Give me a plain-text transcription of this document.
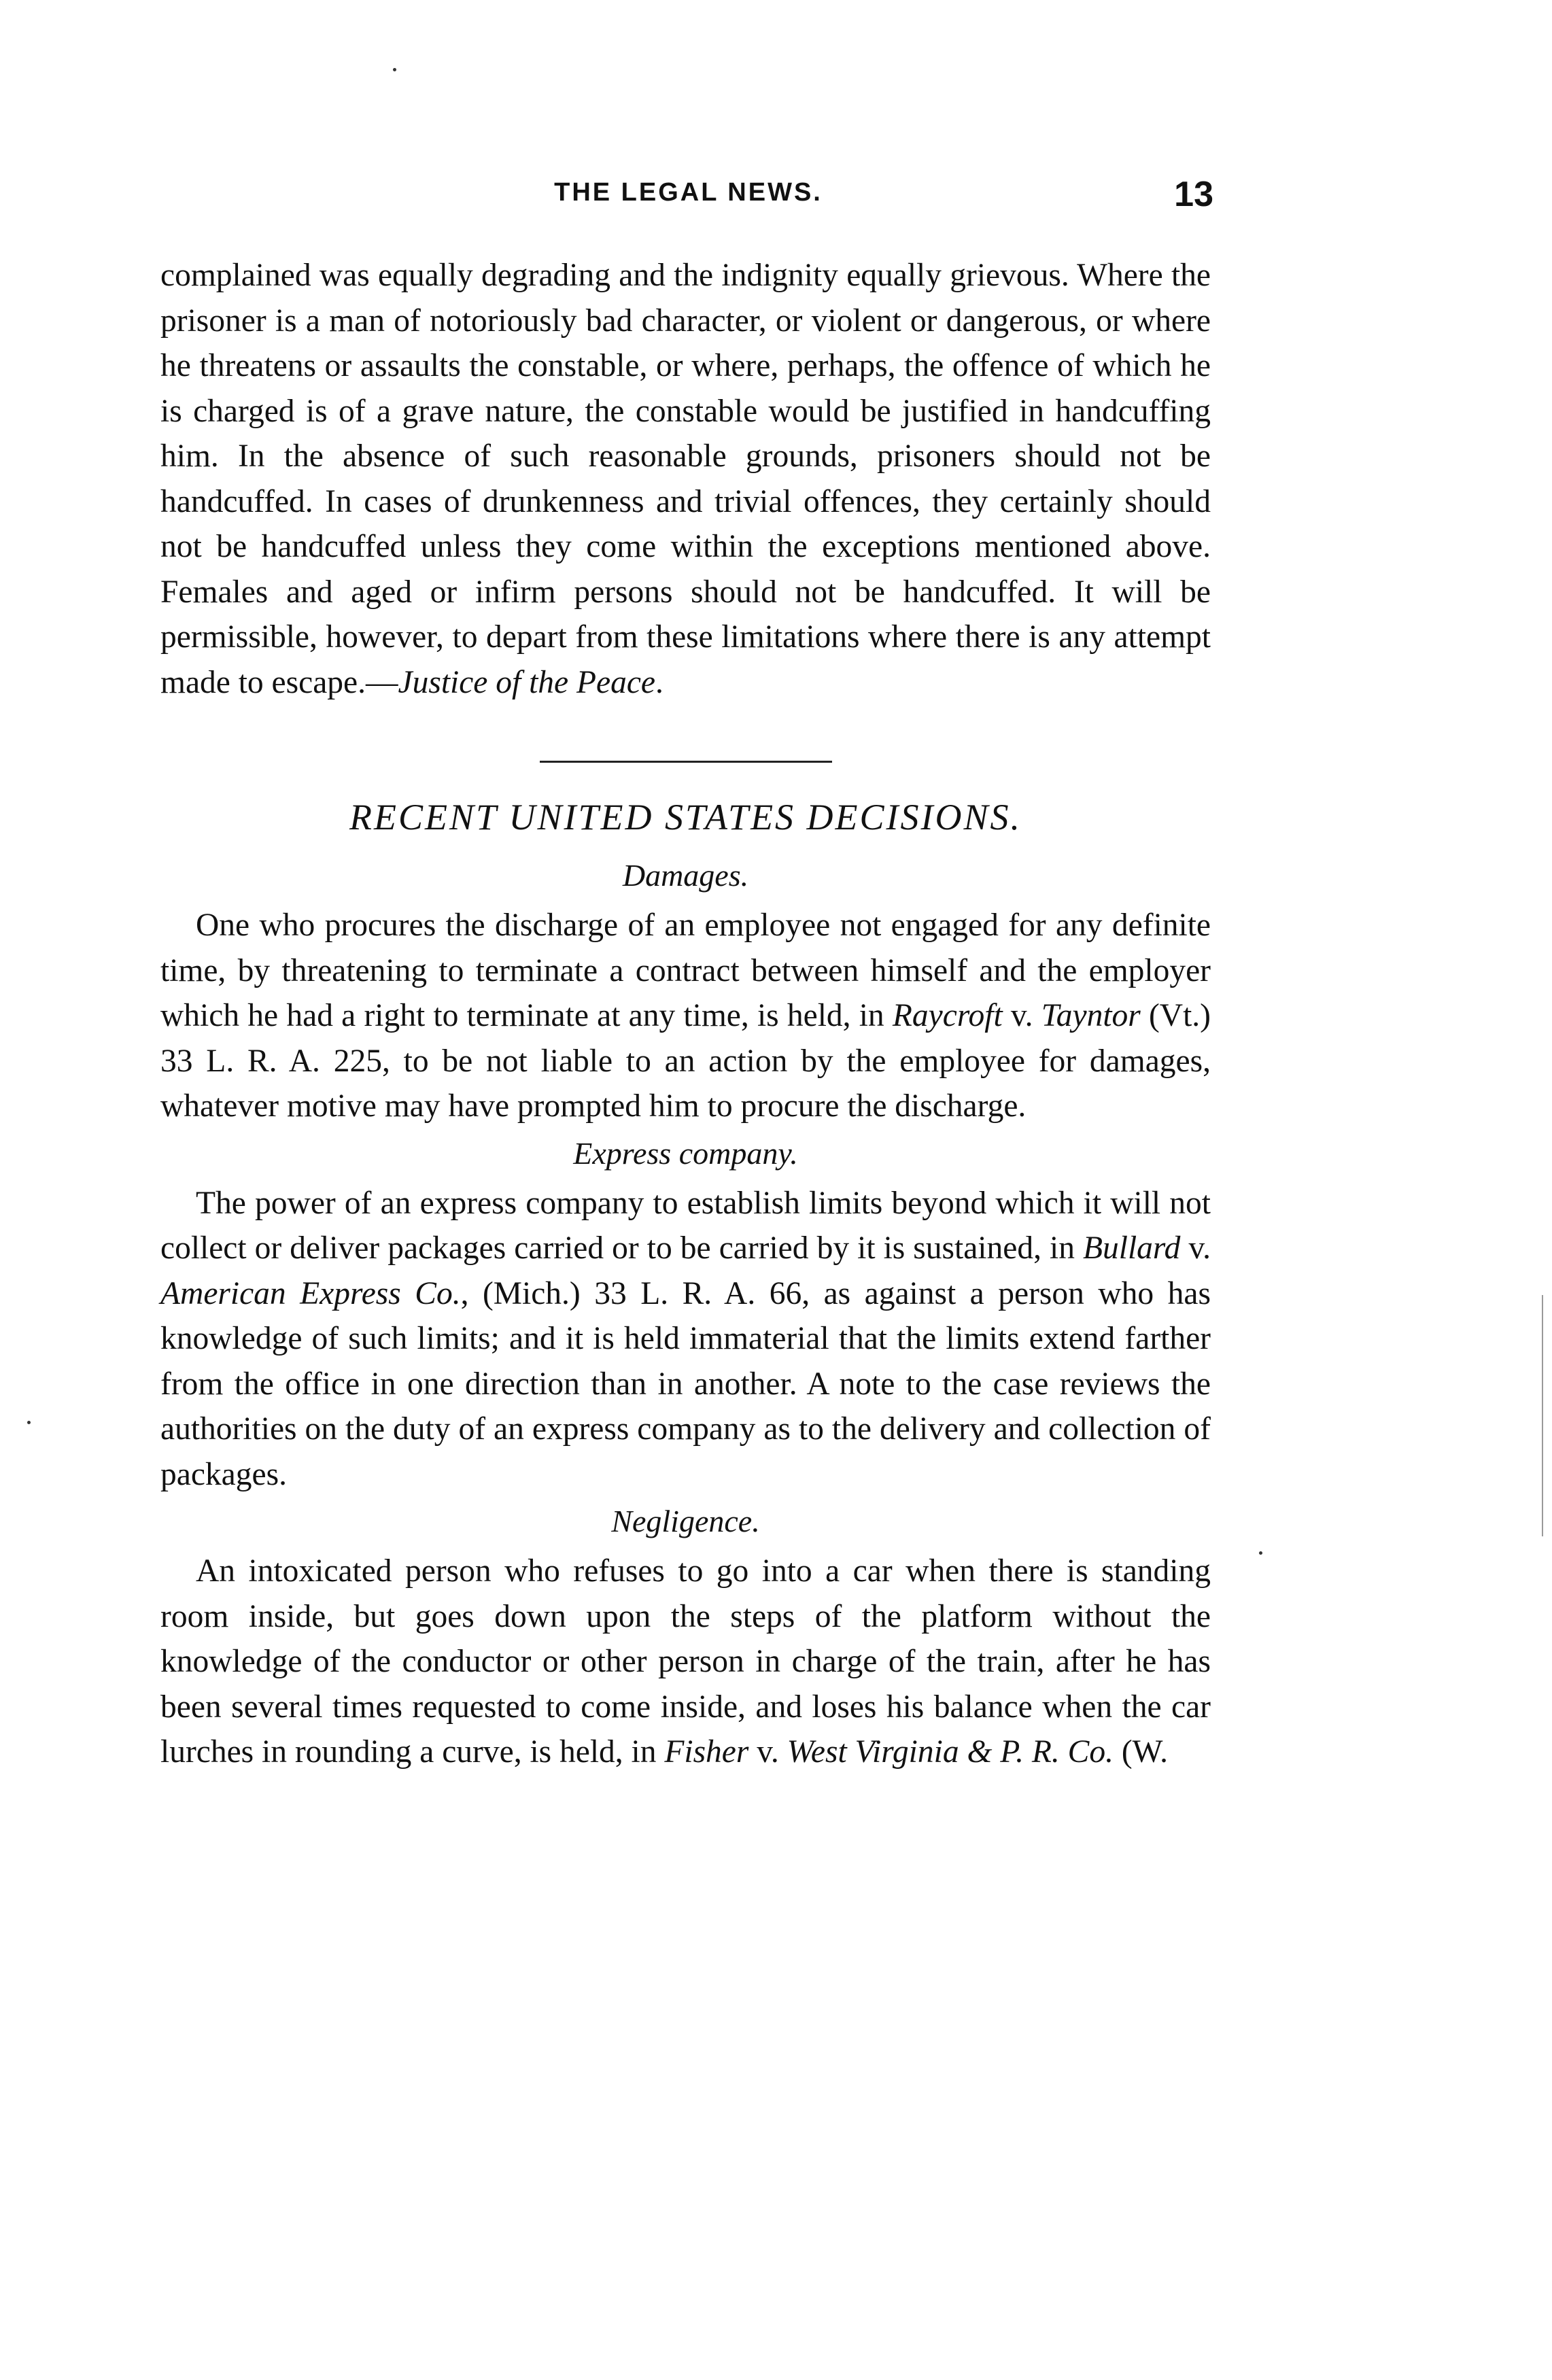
THE LEGAL NEWS.	13

complained was equally degrading and the indignity equally grievous. Where the prisoner is a man of notoriously bad character, or violent or dangerous, or where he threatens or assaults the constable, or where, perhaps, the offence of which he is charged is of a grave nature, the constable would be justified in handcuffing him. In the absence of such reasonable grounds, prisoners should not be handcuffed. In cases of drunkenness and trivial offences, they certainly should not be handcuffed unless they come within the exceptions mentioned above. Females and aged or infirm persons should not be handcuffed. It will be permissible, however, to depart from these limitations where there is any attempt made to escape.—Justice of the Peace.

RECENT UNITED STATES DECISIONS.
Damages.

One who procures the discharge of an employee not engaged for any definite time, by threatening to terminate a contract between himself and the employer which he had a right to terminate at any time, is held, in Raycroft v. Tayntor (Vt.) 33 L. R. A. 225, to be not liable to an action by the employee for damages, whatever motive may have prompted him to procure the discharge.

Express company.

The power of an express company to establish limits beyond which it will not collect or deliver packages carried or to be carried by it is sustained, in Bullard v. American Express Co., (Mich.) 33 L. R. A. 66, as against a person who has knowledge of such limits; and it is held immaterial that the limits extend farther from the office in one direction than in another. A note to the case reviews the authorities on the duty of an express company as to the delivery and collection of packages.

Negligence.

An intoxicated person who refuses to go into a car when there is standing room inside, but goes down upon the steps of the platform without the knowledge of the conductor or other person in charge of the train, after he has been several times requested to come inside, and loses his balance when the car lurches in rounding a curve, is held, in Fisher v. West Virginia & P. R. Co. (W.
